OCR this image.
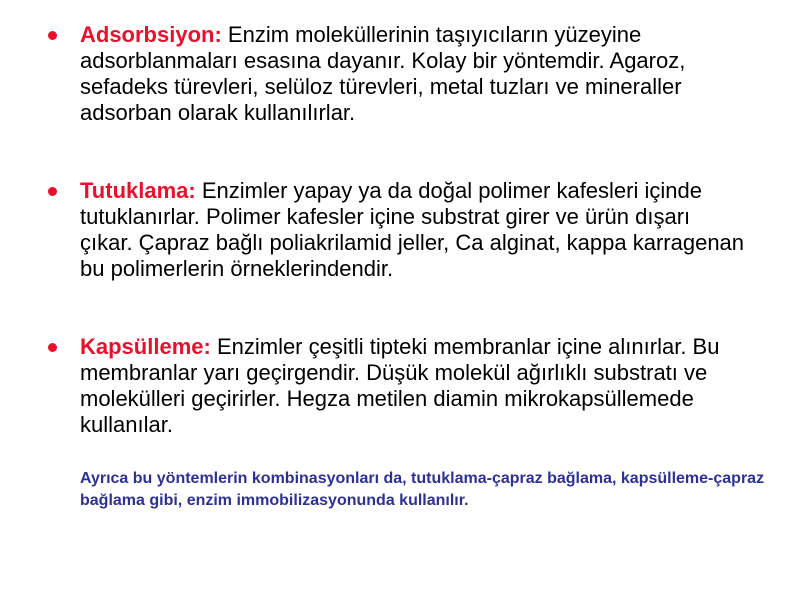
Adsorbsiyon: Enzim moleküllerinin taşıyıcıların yüzeyine adsorblanmaları esasına dayanır. Kolay bir yöntemdir. Agaroz, sefadeks türevleri, selüloz türevleri, metal tuzları ve mineraller adsorban olarak kullanılırlar.
Tutuklama: Enzimler yapay ya da doğal polimer kafesleri içinde tutuklanırlar. Polimer kafesler içine substrat girer ve ürün dışarı çıkar. Çapraz bağlı poliakrilamid jeller, Ca alginat, kappa karragenan bu polimerlerin örneklerindendir.
Kapsülleme: Enzimler çeşitli tipteki membranlar içine alınırlar. Bu membranlar yarı geçirgendir. Düşük molekül ağırlıklı substratı ve molekülleri geçirirler. Hegza metilen diamin mikrokapsüllemede kullanılar.

Ayrıca bu yöntemlerin kombinasyonları da, tutuklama-çapraz bağlama, kapsülleme-çapraz bağlama gibi, enzim immobilizasyonunda kullanılır.
